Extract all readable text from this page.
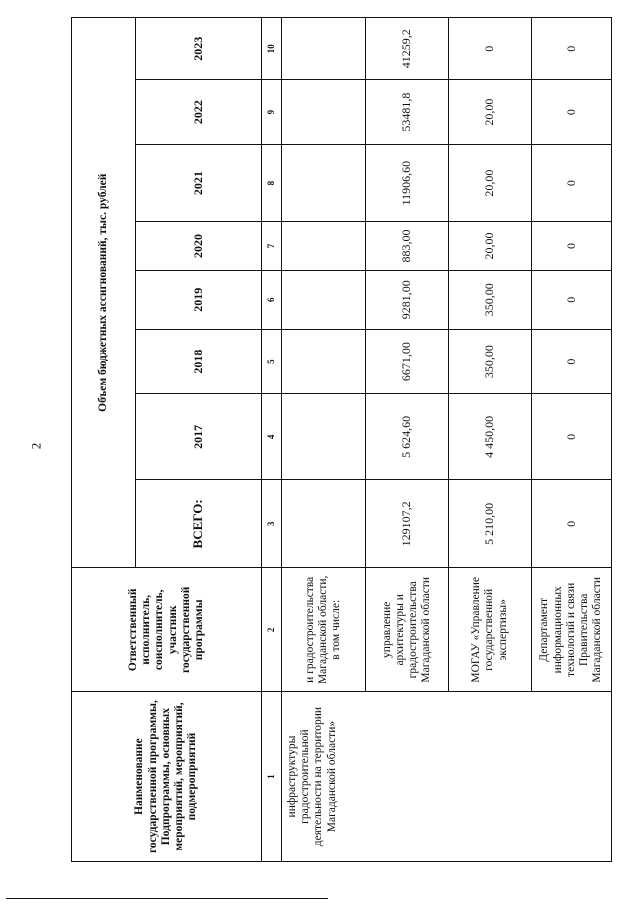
2
Наименование государственной программы, Подпрограммы, основных мероприятий, мероприятий, подмероприятий	Ответственный исполнитель, соисполнитель, участник государственной программы	Объем бюджетных ассигнований, тыс. рублей							
		ВСЕГО:	2017	2018	2019	2020	2021	2022	2023
1	2	3	4	5	6	7	8	9	10
инфраструктуры градостроительной деятельности на территории Магаданской области»	и градостроительства Магаданской области, в том числе:								
	управление архитектуры и градостроительства Магаданской области	129107,2	5 624,60	6671,00	9281,00	883,00	11906,60	53481,8	41259,2
	МОГАУ «Управление государственной экспертизы»	5 210,00	4 450,00	350,00	350,00	20,00	20,00	20,00	0
	Департамент информационных технологий и связи Правительства Магаданской области	0	0	0	0	0	0	0	0
